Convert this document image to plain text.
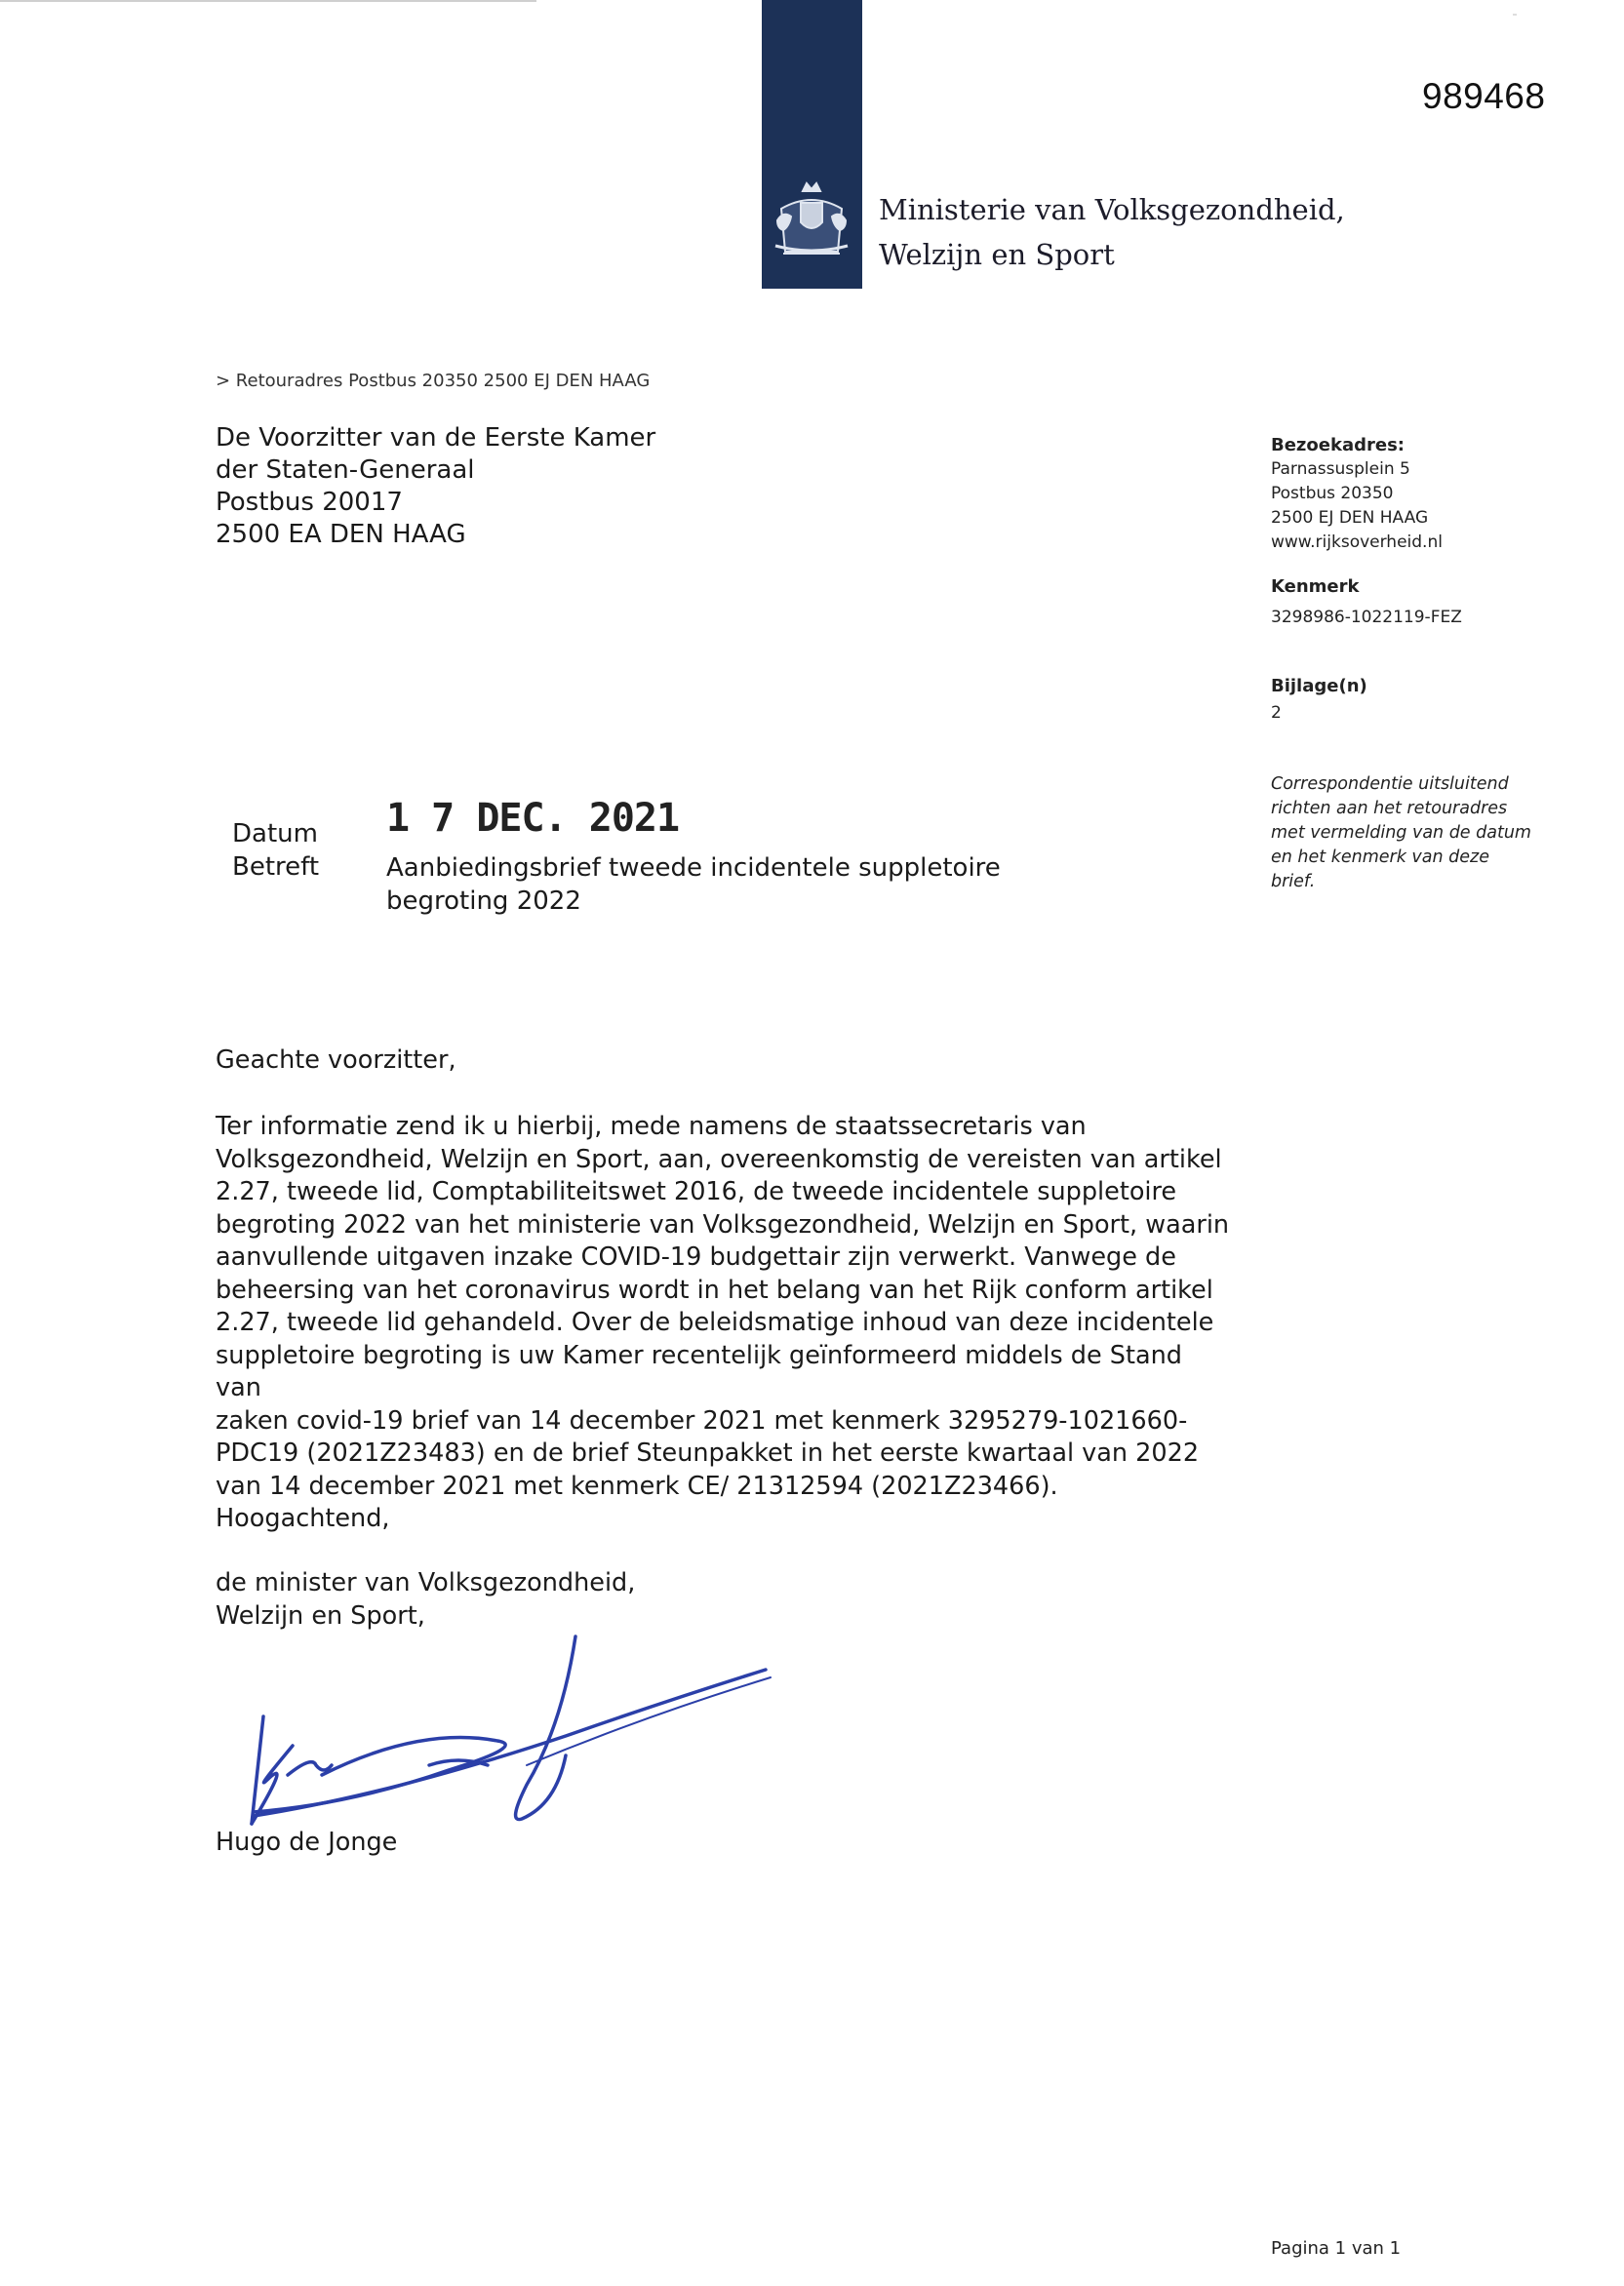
989468
Ministerie van Volksgezondheid,
Welzijn en Sport
> Retouradres Postbus 20350 2500 EJ DEN HAAG
De Voorzitter van de Eerste Kamer
der Staten-Generaal
Postbus 20017
2500 EA DEN HAAG
Bezoekadres:
Parnassusplein 5
Postbus 20350
2500 EJ DEN HAAG
www.rijksoverheid.nl
Kenmerk
3298986-1022119-FEZ
Bijlage(n)
2
Correspondentie uitsluitend
richten aan het retouradres
met vermelding van de datum
en het kenmerk van deze
brief.
Datum 1 7 DEC. 2021
Betreft	Aanbiedingsbrief tweede incidentele suppletoire
begroting 2022
Geachte voorzitter,
Ter informatie zend ik u hierbij, mede namens de staatssecretaris van
Volksgezondheid, Welzijn en Sport, aan, overeenkomstig de vereisten van artikel
2.27, tweede lid, Comptabiliteitswet 2016, de tweede incidentele suppletoire
begroting 2022 van het ministerie van Volksgezondheid, Welzijn en Sport, waarin
aanvullende uitgaven inzake COVID-19 budgettair zijn verwerkt. Vanwege de
beheersing van het coronavirus wordt in het belang van het Rijk conform artikel
2.27, tweede lid gehandeld. Over de beleidsmatige inhoud van deze incidentele
suppletoire begroting is uw Kamer recentelijk geïnformeerd middels de Stand van
zaken covid-19 brief van 14 december 2021 met kenmerk 3295279-1021660-
PDC19 (2021Z23483) en de brief Steunpakket in het eerste kwartaal van 2022
van 14 december 2021 met kenmerk CE/ 21312594 (2021Z23466).
Hoogachtend,
de minister van Volksgezondheid,
Welzijn en Sport,
Hugo de Jonge
Pagina 1 van 1
